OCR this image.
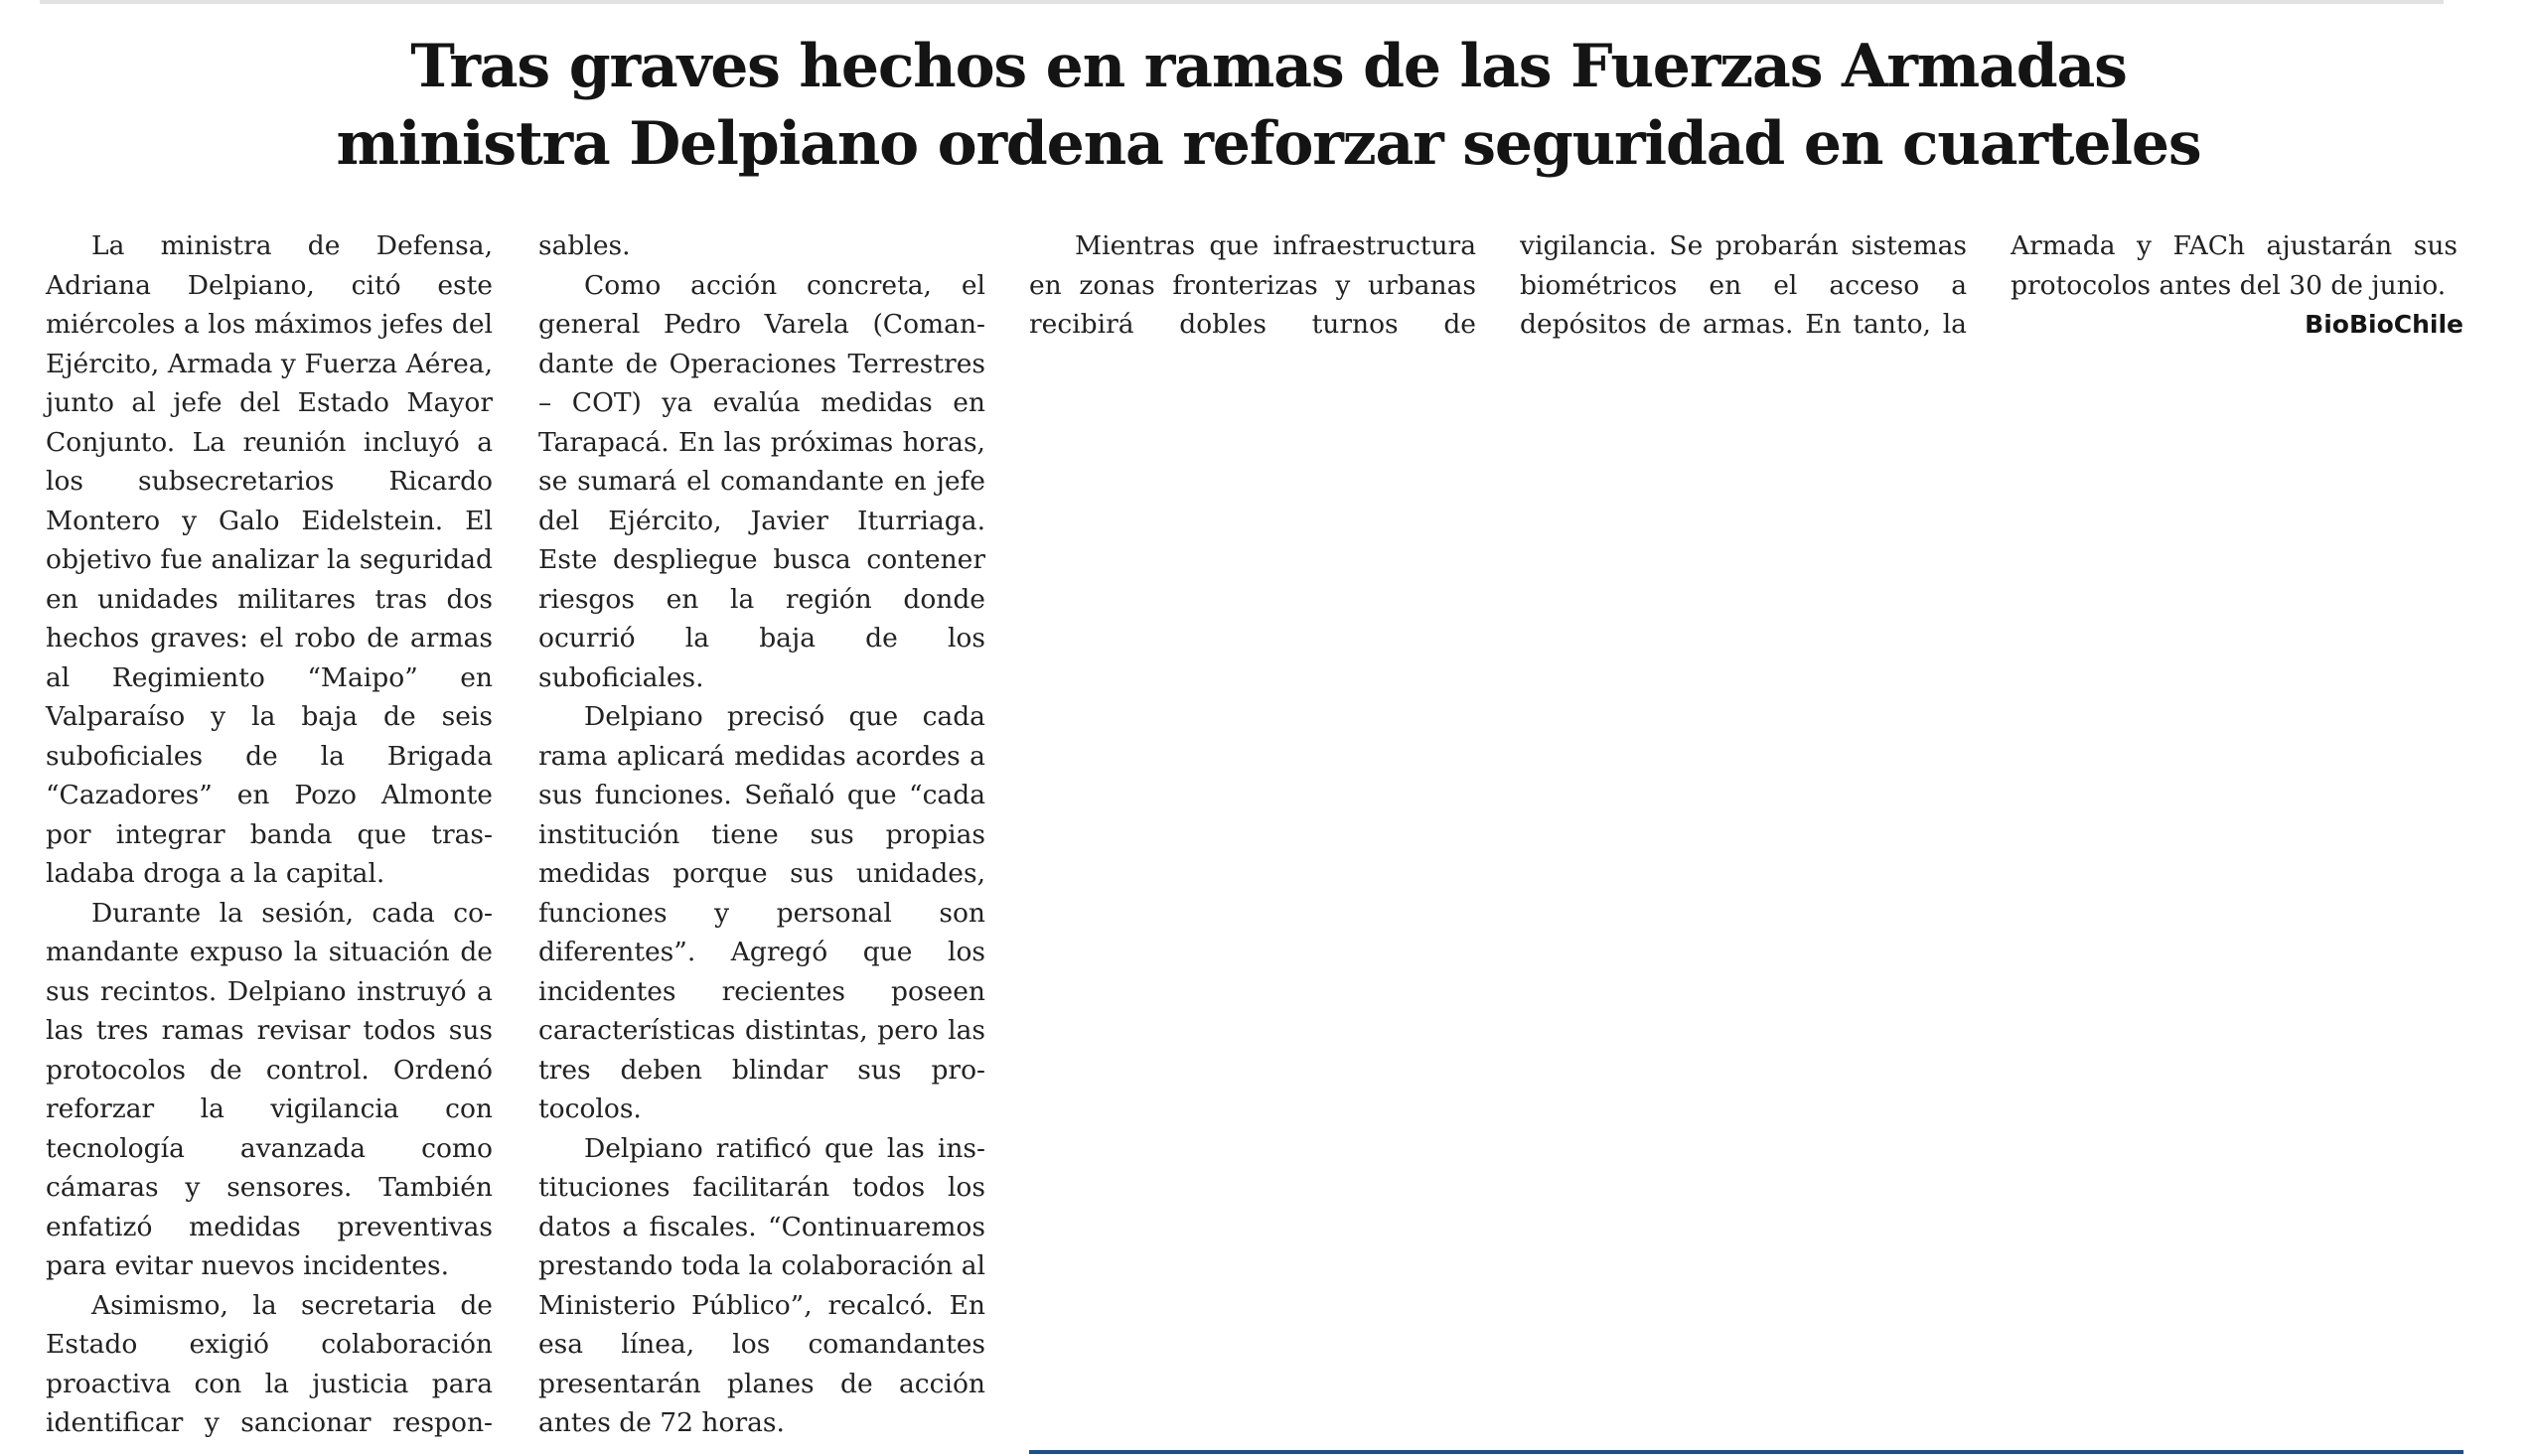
Tras graves hechos en ramas de las Fuerzas Armadas
ministra Delpiano ordena reforzar seguridad en cuarteles

La ministra de Defensa, Adriana Delpiano, citó este miércoles a los máximos jefes del Ejército, Armada y Fuerza Aérea, junto al jefe del Estado Mayor Conjunto. La reunión incluyó a los subsecretarios Ricardo Montero y Galo Eidelstein. El objetivo fue analizar la seguridad en unidades militares tras dos hechos graves: el robo de armas al Regimiento “Maipo” en Valparaíso y la baja de seis suboficiales de la Brigada “Cazadores” en Pozo Almonte por integrar banda que trasladaba droga a la capital.

Durante la sesión, cada comandante expuso la situación de sus recintos. Delpiano instruyó a las tres ramas revisar todos sus protocolos de control. Ordenó reforzar la vigilancia con tecnología avanzada como cámaras y sensores. También enfatizó medidas preventivas para evitar nuevos incidentes.

Asimismo, la secretaria de Estado exigió colaboración proactiva con la justicia para identificar y sancionar respon

sables.

Como acción concreta, el general Pedro Varela (Comandante de Operaciones Terrestres – COT) ya evalúa medidas en Tarapacá. En las próximas horas, se sumará el comandante en jefe del Ejército, Javier Iturriaga. Este despliegue busca contener riesgos en la región donde ocurrió la baja de los suboficiales.

Delpiano precisó que cada rama aplicará medidas acordes a sus funciones. Señaló que “cada institución tiene sus propias medidas porque sus unidades, funciones y personal son diferentes”. Agregó que los incidentes recientes poseen características distintas, pero las tres deben blindar sus protocolos.

Delpiano ratificó que las instituciones facilitarán todos los datos a fiscales. “Continuaremos prestando toda la colaboración al Ministerio Público”, recalcó. En esa línea, los comandantes presentarán planes de acción antes de 72 horas.

Mientras que infraestructura en zonas fronterizas y urbanas recibirá dobles turnos de

vigilancia. Se probarán sistemas biométricos en el acceso a depósitos de armas. En tanto, la

Armada y FACh ajustarán sus protocolos antes del 30 de junio.

BioBioChile
